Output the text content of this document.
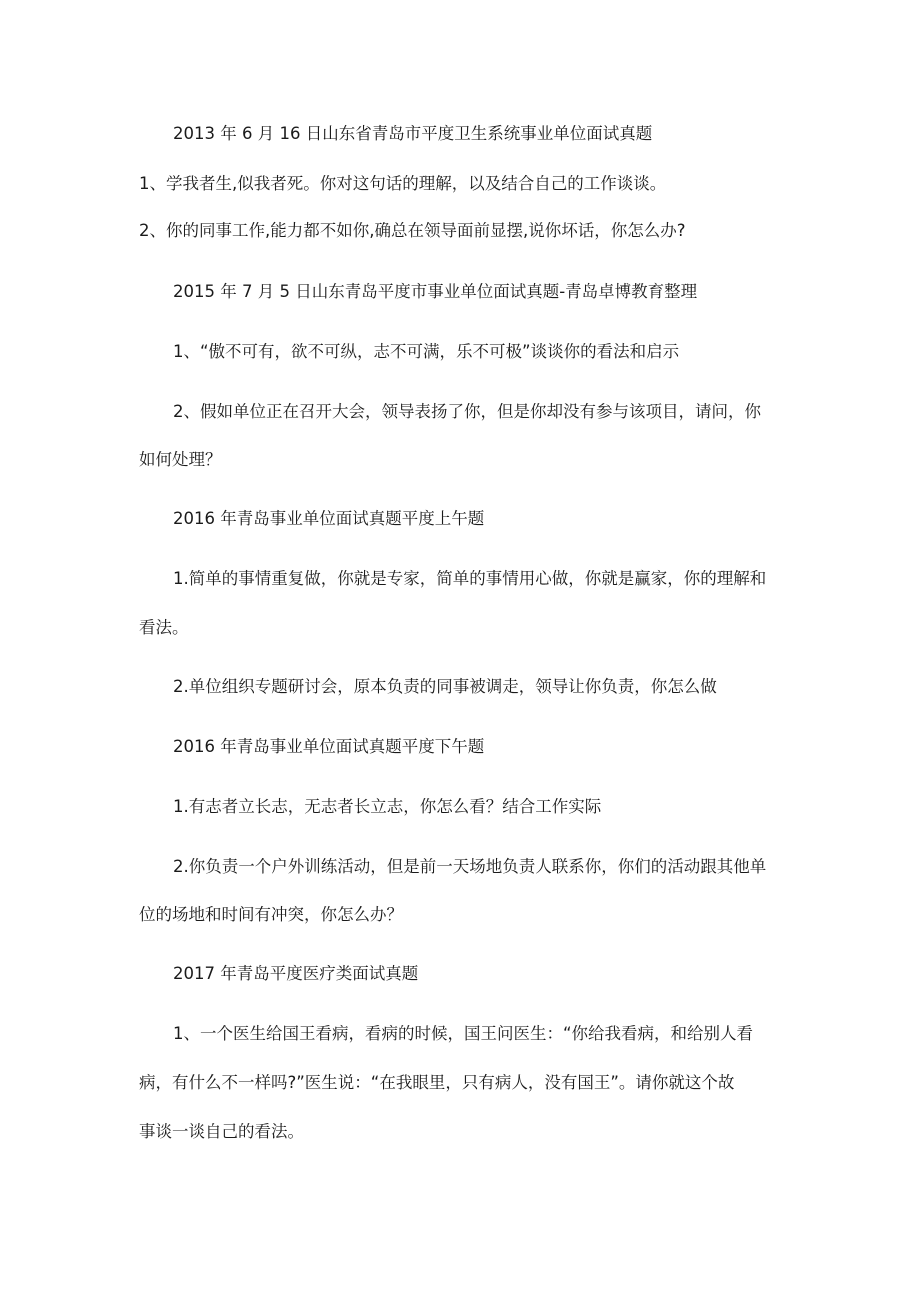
2013 年 6 月 16 日山东省青岛市平度卫生系统事业单位面试真题

1、学我者生,似我者死。你对这句话的理解，以及结合自己的工作谈谈。

2、你的同事工作,能力都不如你,确总在领导面前显摆,说你坏话，你怎么办?

2015 年 7 月 5 日山东青岛平度市事业单位面试真题-青岛卓博教育整理

1、“傲不可有，欲不可纵，志不可满，乐不可极”谈谈你的看法和启示

2、假如单位正在召开大会，领导表扬了你，但是你却没有参与该项目，请问，你

如何处理？

2016 年青岛事业单位面试真题平度上午题

1.简单的事情重复做，你就是专家，简单的事情用心做，你就是赢家，你的理解和

看法。

2.单位组织专题研讨会，原本负责的同事被调走，领导让你负责，你怎么做

2016 年青岛事业单位面试真题平度下午题

1.有志者立长志，无志者长立志，你怎么看？结合工作实际

2.你负责一个户外训练活动，但是前一天场地负责人联系你，你们的活动跟其他单

位的场地和时间有冲突，你怎么办？

2017 年青岛平度医疗类面试真题

1、一个医生给国王看病，看病的时候，国王问医生：“你给我看病，和给别人看

病，有什么不一样吗?”医生说：“在我眼里，只有病人，没有国王”。请你就这个故

事谈一谈自己的看法。
